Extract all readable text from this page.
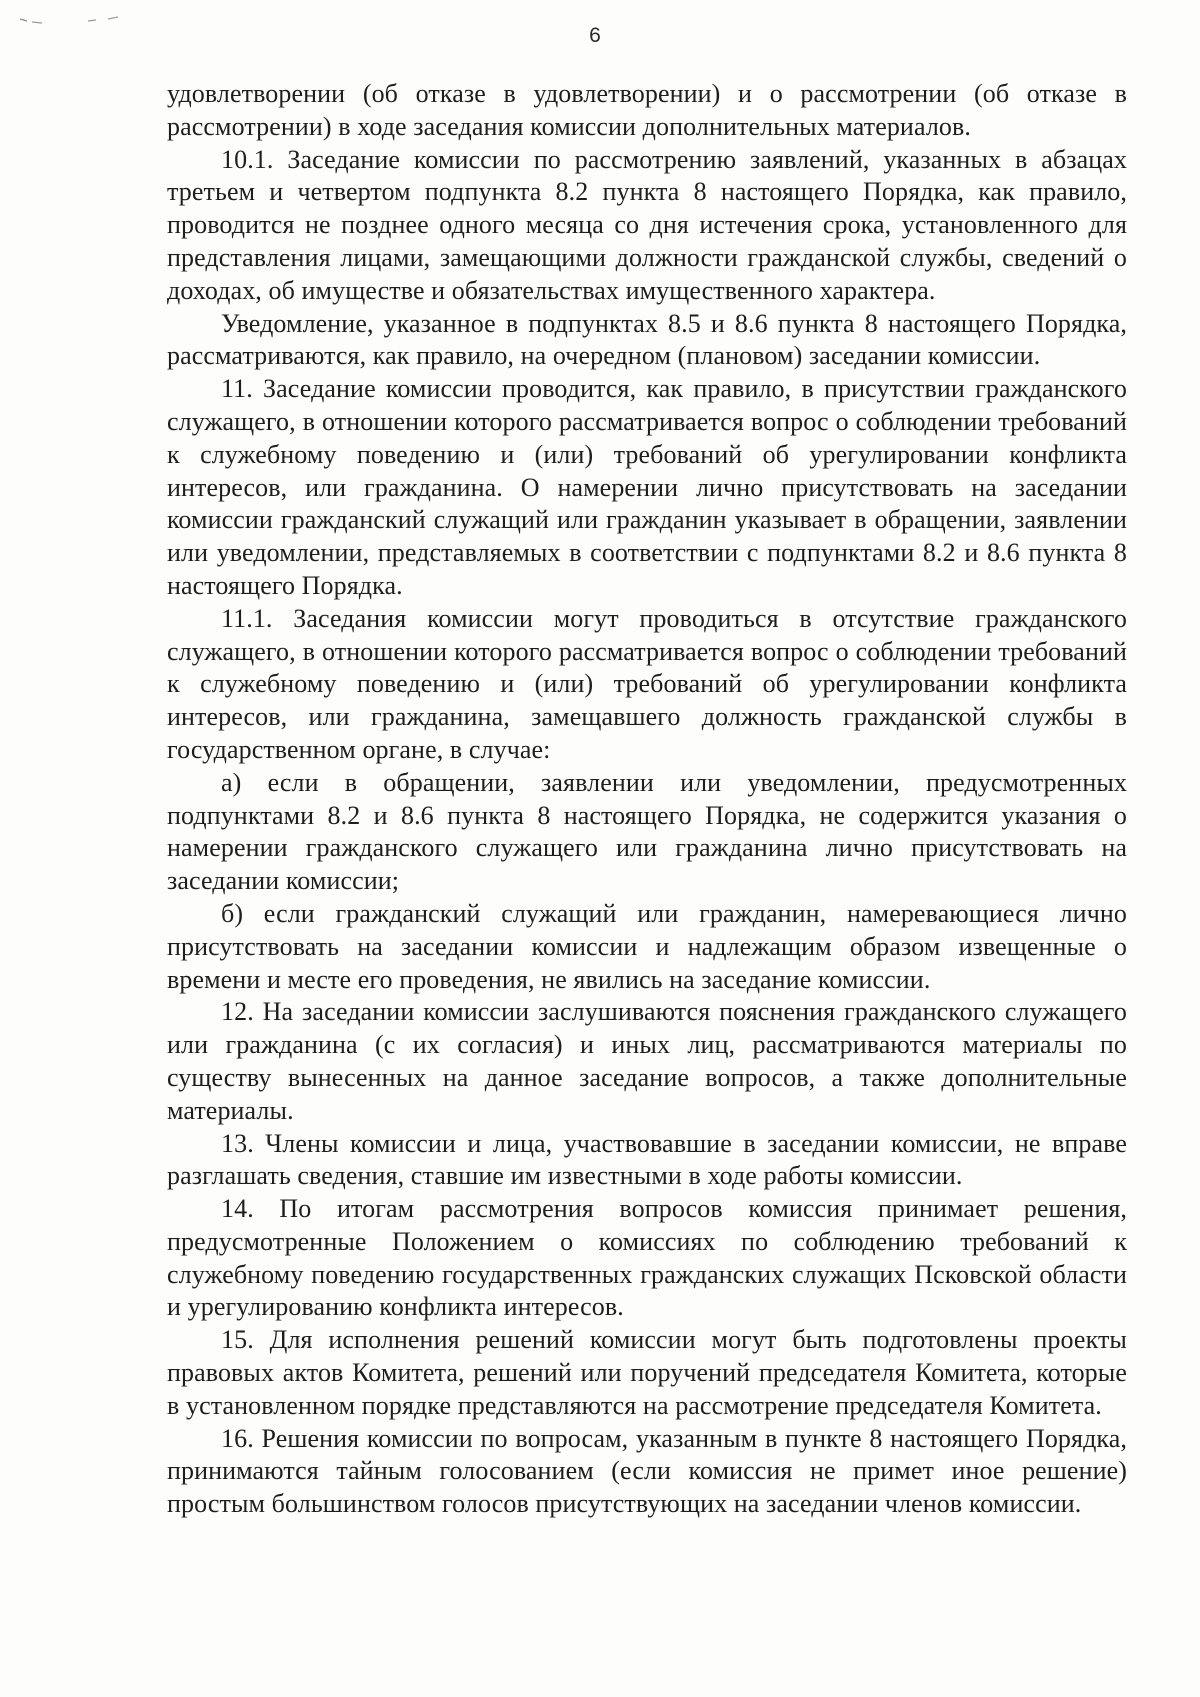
6

удовлетворении (об отказе в удовлетворении) и о рассмотрении (об отказе в рассмотрении) в ходе заседания комиссии дополнительных материалов.

10.1. Заседание комиссии по рассмотрению заявлений, указанных в абзацах третьем и четвертом подпункта 8.2 пункта 8 настоящего Порядка, как правило, проводится не позднее одного месяца со дня истечения срока, установленного для представления лицами, замещающими должности гражданской службы, сведений о доходах, об имуществе и обязательствах имущественного характера.

Уведомление, указанное в подпунктах 8.5 и 8.6 пункта 8 настоящего Порядка, рассматриваются, как правило, на очередном (плановом) заседании комиссии.

11. Заседание комиссии проводится, как правило, в присутствии гражданского служащего, в отношении которого рассматривается вопрос о соблюдении требований к служебному поведению и (или) требований об урегулировании конфликта интересов, или гражданина. О намерении лично присутствовать на заседании комиссии гражданский служащий или гражданин указывает в обращении, заявлении или уведомлении, представляемых в соответствии с подпунктами 8.2 и 8.6 пункта 8 настоящего Порядка.

11.1. Заседания комиссии могут проводиться в отсутствие гражданского служащего, в отношении которого рассматривается вопрос о соблюдении требований к служебному поведению и (или) требований об урегулировании конфликта интересов, или гражданина, замещавшего должность гражданской службы в государственном органе, в случае:

а) если в обращении, заявлении или уведомлении, предусмотренных подпунктами 8.2 и 8.6 пункта 8 настоящего Порядка, не содержится указания о намерении гражданского служащего или гражданина лично присутствовать на заседании комиссии;

б) если гражданский служащий или гражданин, намеревающиеся лично присутствовать на заседании комиссии и надлежащим образом извещенные о времени и месте его проведения, не явились на заседание комиссии.

12. На заседании комиссии заслушиваются пояснения гражданского служащего или гражданина (с их согласия) и иных лиц, рассматриваются материалы по существу вынесенных на данное заседание вопросов, а также дополнительные материалы.

13. Члены комиссии и лица, участвовавшие в заседании комиссии, не вправе разглашать сведения, ставшие им известными в ходе работы комиссии.

14. По итогам рассмотрения вопросов комиссия принимает решения, предусмотренные Положением о комиссиях по соблюдению требований к служебному поведению государственных гражданских служащих Псковской области и урегулированию конфликта интересов.

15. Для исполнения решений комиссии могут быть подготовлены проекты правовых актов Комитета, решений или поручений председателя Комитета, которые в установленном порядке представляются на рассмотрение председателя Комитета.

16. Решения комиссии по вопросам, указанным в пункте 8 настоящего Порядка, принимаются тайным голосованием (если комиссия не примет иное решение) простым большинством голосов присутствующих на заседании членов комиссии.
